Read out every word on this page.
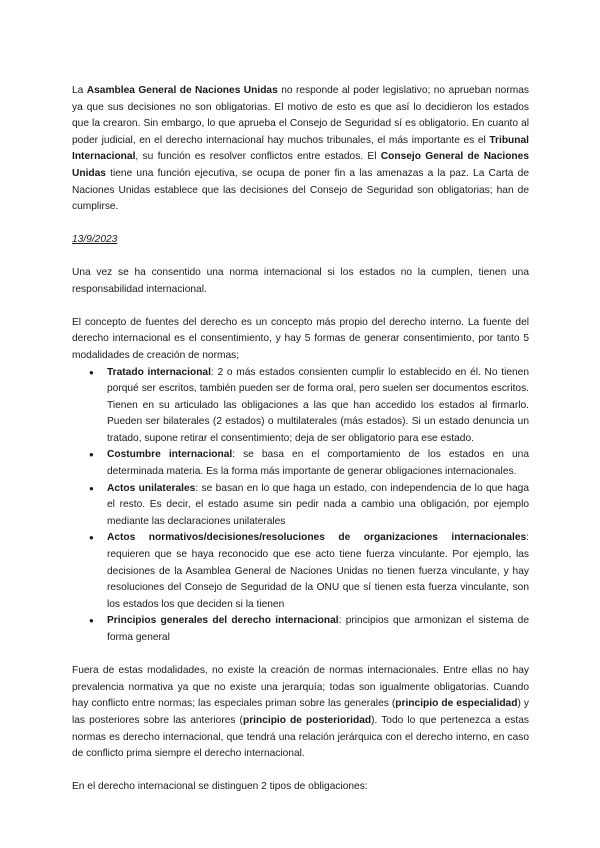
La Asamblea General de Naciones Unidas no responde al poder legislativo; no aprueban normas ya que sus decisiones no son obligatorias. El motivo de esto es que así lo decidieron los estados que la crearon. Sin embargo, lo que aprueba el Consejo de Seguridad sí es obligatorio. En cuanto al poder judicial, en el derecho internacional hay muchos tribunales, el más importante es el Tribunal Internacional, su función es resolver conflictos entre estados. El Consejo General de Naciones Unidas tiene una función ejecutiva, se ocupa de poner fin a las amenazas a la paz. La Carta de Naciones Unidas establece que las decisiones del Consejo de Seguridad son obligatorias; han de cumplirse.

13/9/2023

Una vez se ha consentido una norma internacional si los estados no la cumplen, tienen una responsabilidad internacional.

El concepto de fuentes del derecho es un concepto más propio del derecho interno. La fuente del derecho internacional es el consentimiento, y hay 5 formas de generar consentimiento, por tanto 5 modalidades de creación de normas;

● Tratado internacional: 2 o más estados consienten cumplir lo establecido en él. No tienen porqué ser escritos, también pueden ser de forma oral, pero suelen ser documentos escritos. Tienen en su articulado las obligaciones a las que han accedido los estados al firmarlo. Pueden ser bilaterales (2 estados) o multilaterales (más estados). Si un estado denuncia un tratado, supone retirar el consentimiento; deja de ser obligatorio para ese estado.
● Costumbre internacional: se basa en el comportamiento de los estados en una determinada materia. Es la forma más importante de generar obligaciones internacionales.
● Actos unilaterales: se basan en lo que haga un estado, con independencia de lo que haga el resto. Es decir, el estado asume sin pedir nada a cambio una obligación, por ejemplo mediante las declaraciones unilaterales
● Actos normativos/decisiones/resoluciones de organizaciones internacionales: requieren que se haya reconocido que ese acto tiene fuerza vinculante. Por ejemplo, las decisiones de la Asamblea General de Naciones Unidas no tienen fuerza vinculante, y hay resoluciones del Consejo de Seguridad de la ONU que sí tienen esta fuerza vinculante, son los estados los que deciden si la tienen
● Principios generales del derecho internacional: principios que armonizan el sistema de forma general

Fuera de estas modalidades, no existe la creación de normas internacionales. Entre ellas no hay prevalencia normativa ya que no existe una jerarquía; todas son igualmente obligatorias. Cuando hay conflicto entre normas; las especiales priman sobre las generales (principio de especialidad) y las posteriores sobre las anteriores (principio de posterioridad). Todo lo que pertenezca a estas normas es derecho internacional, que tendrá una relación jerárquica con el derecho interno, en caso de conflicto prima siempre el derecho internacional.

En el derecho internacional se distinguen 2 tipos de obligaciones:
